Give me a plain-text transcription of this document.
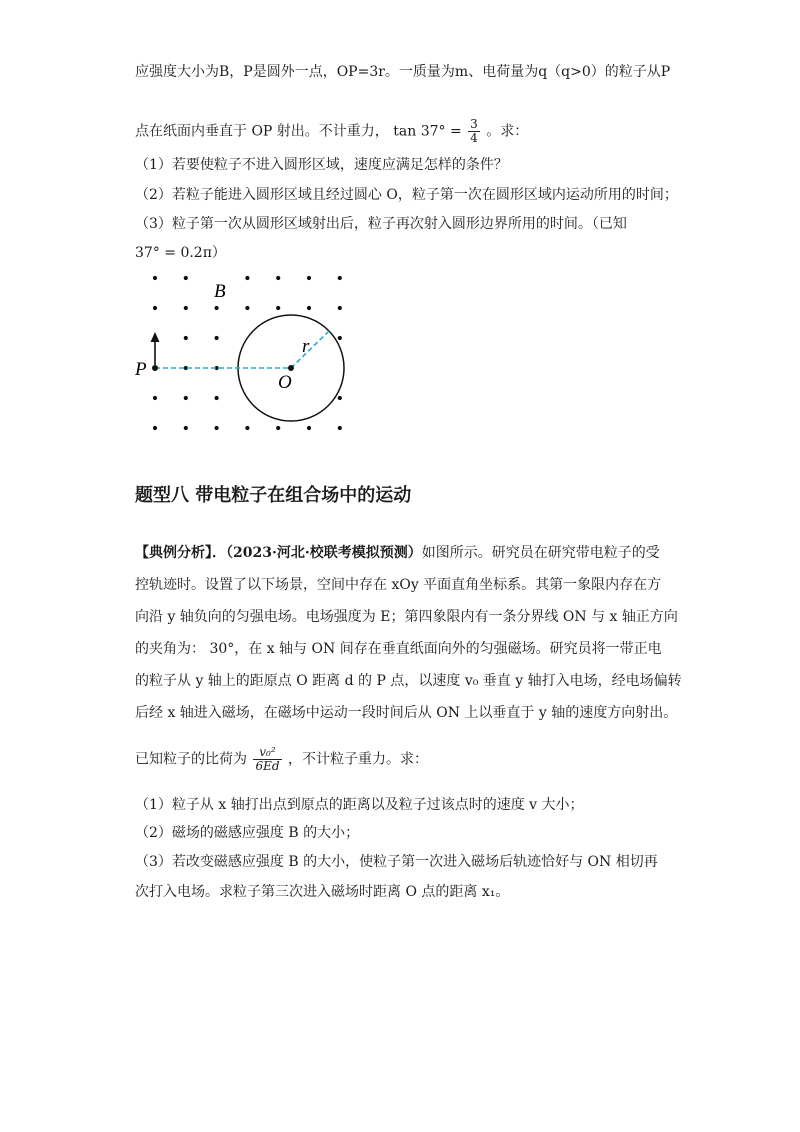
应强度大小为B，P是圆外一点，OP=3r。一质量为m、电荷量为q（q>0）的粒子从P
点在纸面内垂直于 OP 射出。不计重力， $\tan 37^\circ = \frac{3}{4}$ 。求：
（1）若要使粒子不进入圆形区域，速度应满足怎样的条件？
（2）若粒子能进入圆形区域且经过圆心 O，粒子第一次在圆形区域内运动所用的时间；
（3）粒子第一次从圆形区域射出后，粒子再次射入圆形边界所用的时间。（已知
37° = 0.2π）
B
P
O
r
题型八 带电粒子在组合场中的运动
【典例分析】．（2023·河北·校联考模拟预测）如图所示。研究员在研究带电粒子的受
控轨迹时。设置了以下场景，空间中存在 xOy 平面直角坐标系。其第一象限内存在方
向沿 y 轴负向的匀强电场。电场强度为 E；第四象限内有一条分界线 ON 与 x 轴正方向
的夹角为： 30°，在 x 轴与 ON 间存在垂直纸面向外的匀强磁场。研究员将一带正电
的粒子从 y 轴上的距原点 O 距离 d 的 P 点，以速度 v₀ 垂直 y 轴打入电场，经电场偏转
后经 x 轴进入磁场，在磁场中运动一段时间后从 ON 上以垂直于 y 轴的速度方向射出。
已知粒子的比荷为 $\frac{\text{v₀²}}{6Ed}$ ，不计粒子重力。求：
（1）粒子从 x 轴打出点到原点的距离以及粒子过该点时的速度 v 大小；
（2）磁场的磁感应强度 B 的大小；
（3）若改变磁感应强度 B 的大小，使粒子第一次进入磁场后轨迹恰好与 ON 相切再
次打入电场。求粒子第三次进入磁场时距离 O 点的距离 x₁。
